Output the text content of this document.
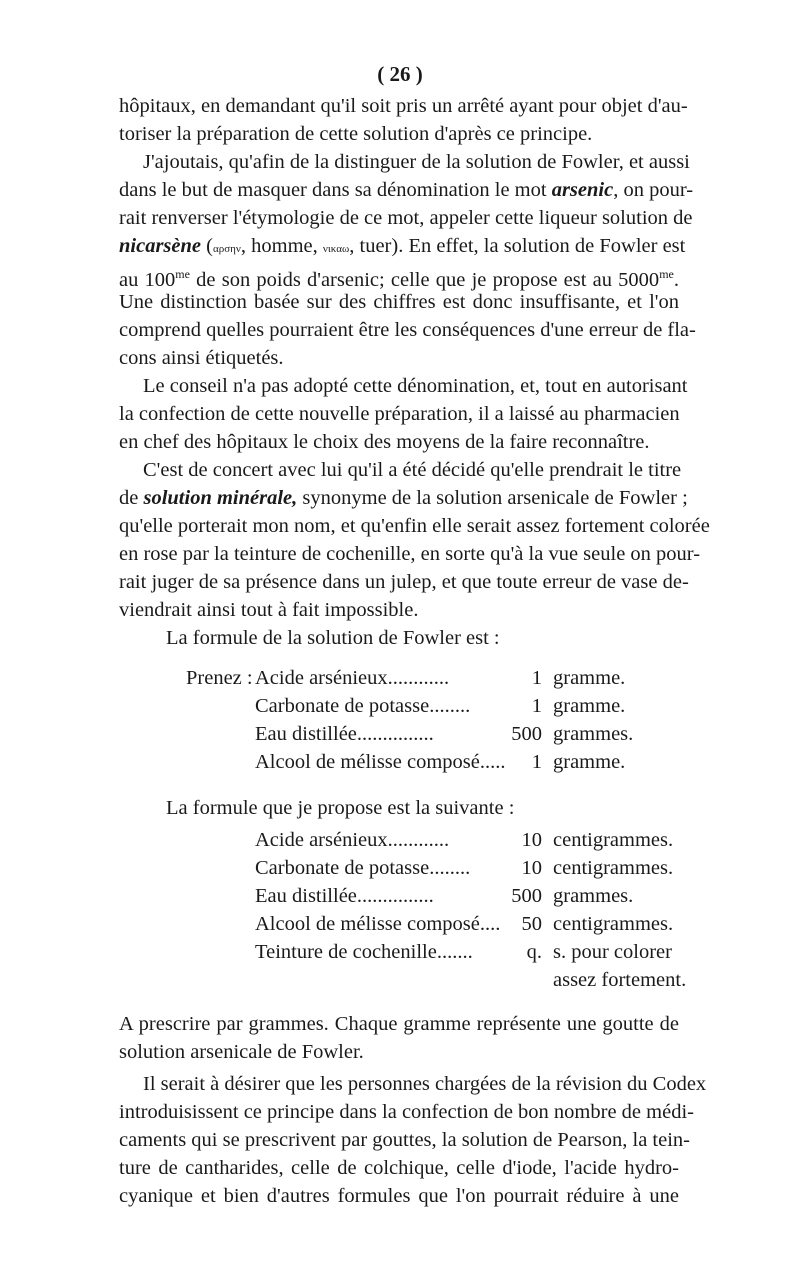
( 26 )
hôpitaux, en demandant qu'il soit pris un arrêté ayant pour objet d'au-
toriser la préparation de cette solution d'après ce principe.
J'ajoutais, qu'afin de la distinguer de la solution de Fowler, et aussi
dans le but de masquer dans sa dénomination le mot arsenic, on pour-
rait renverser l'étymologie de ce mot, appeler cette liqueur solution de
nicarsène (αρσην, homme, νικαω, tuer). En effet, la solution de Fowler est
au $100^{me}$ de son poids d'arsenic; celle que je propose est au $5000^{me}$.
Une distinction basée sur des chiffres est donc insuffisante, et l'on
comprend quelles pourraient être les conséquences d'une erreur de fla-
cons ainsi étiquetés.
Le conseil n'a pas adopté cette dénomination, et, tout en autorisant
la confection de cette nouvelle préparation, il a laissé au pharmacien
en chef des hôpitaux le choix des moyens de la faire reconnaître.
C'est de concert avec lui qu'il a été décidé qu'elle prendrait le titre
de solution minérale, synonyme de la solution arsenicale de Fowler ;
qu'elle porterait mon nom, et qu'enfin elle serait assez fortement colorée
en rose par la teinture de cochenille, en sorte qu'à la vue seule on pour-
rait juger de sa présence dans un julep, et que toute erreur de vase de-
viendrait ainsi tout à fait impossible.
La formule de la solution de Fowler est :
Prenez : Acide arsénieux............	1 gramme.
Carbonate de potasse........	1 gramme.
Eau distillée...............	500 grammes.
Alcool de mélisse composé.....	1 gramme.
La formule que je propose est la suivante :
Acide arsénieux............	10 centigrammes.
Carbonate de potasse........	10 centigrammes.
Eau distillée...............	500 grammes.
Alcool de mélisse composé....	50 centigrammes.
Teinture de cochenille.......	q. s. pour colorer
assez fortement.
A prescrire par grammes. Chaque gramme représente une goutte de
solution arsenicale de Fowler.
Il serait à désirer que les personnes chargées de la révision du Codex
introduisissent ce principe dans la confection de bon nombre de médi-
caments qui se prescrivent par gouttes, la solution de Pearson, la tein-
ture de cantharides, celle de colchique, celle d'iode, l'acide hydro-
cyanique et bien d'autres formules que l'on pourrait réduire à une
